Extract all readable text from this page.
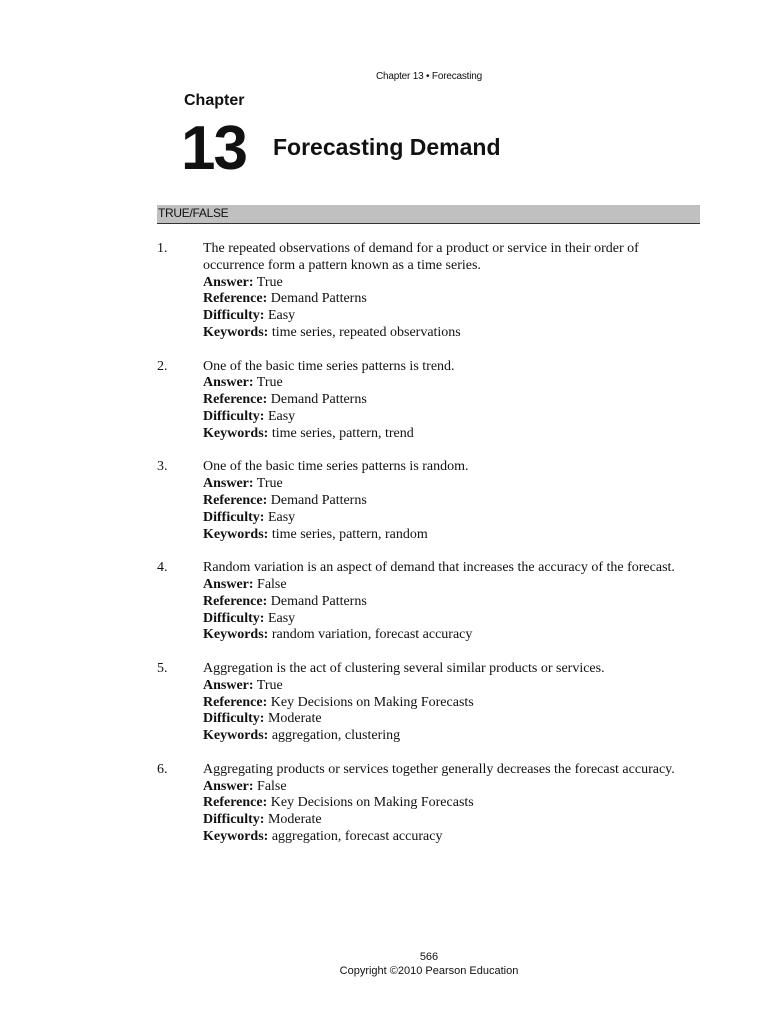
Chapter 13 • Forecasting
Chapter
13 Forecasting Demand
TRUE/FALSE
1.	The repeated observations of demand for a product or service in their order of occurrence form a pattern known as a time series.
Answer: True
Reference: Demand Patterns
Difficulty: Easy
Keywords: time series, repeated observations
2.	One of the basic time series patterns is trend.
Answer: True
Reference: Demand Patterns
Difficulty: Easy
Keywords: time series, pattern, trend
3.	One of the basic time series patterns is random.
Answer: True
Reference: Demand Patterns
Difficulty: Easy
Keywords: time series, pattern, random
4.	Random variation is an aspect of demand that increases the accuracy of the forecast.
Answer: False
Reference: Demand Patterns
Difficulty: Easy
Keywords: random variation, forecast accuracy
5.	Aggregation is the act of clustering several similar products or services.
Answer: True
Reference: Key Decisions on Making Forecasts
Difficulty: Moderate
Keywords: aggregation, clustering
6.	Aggregating products or services together generally decreases the forecast accuracy.
Answer: False
Reference: Key Decisions on Making Forecasts
Difficulty: Moderate
Keywords: aggregation, forecast accuracy
566
Copyright ©2010 Pearson Education
